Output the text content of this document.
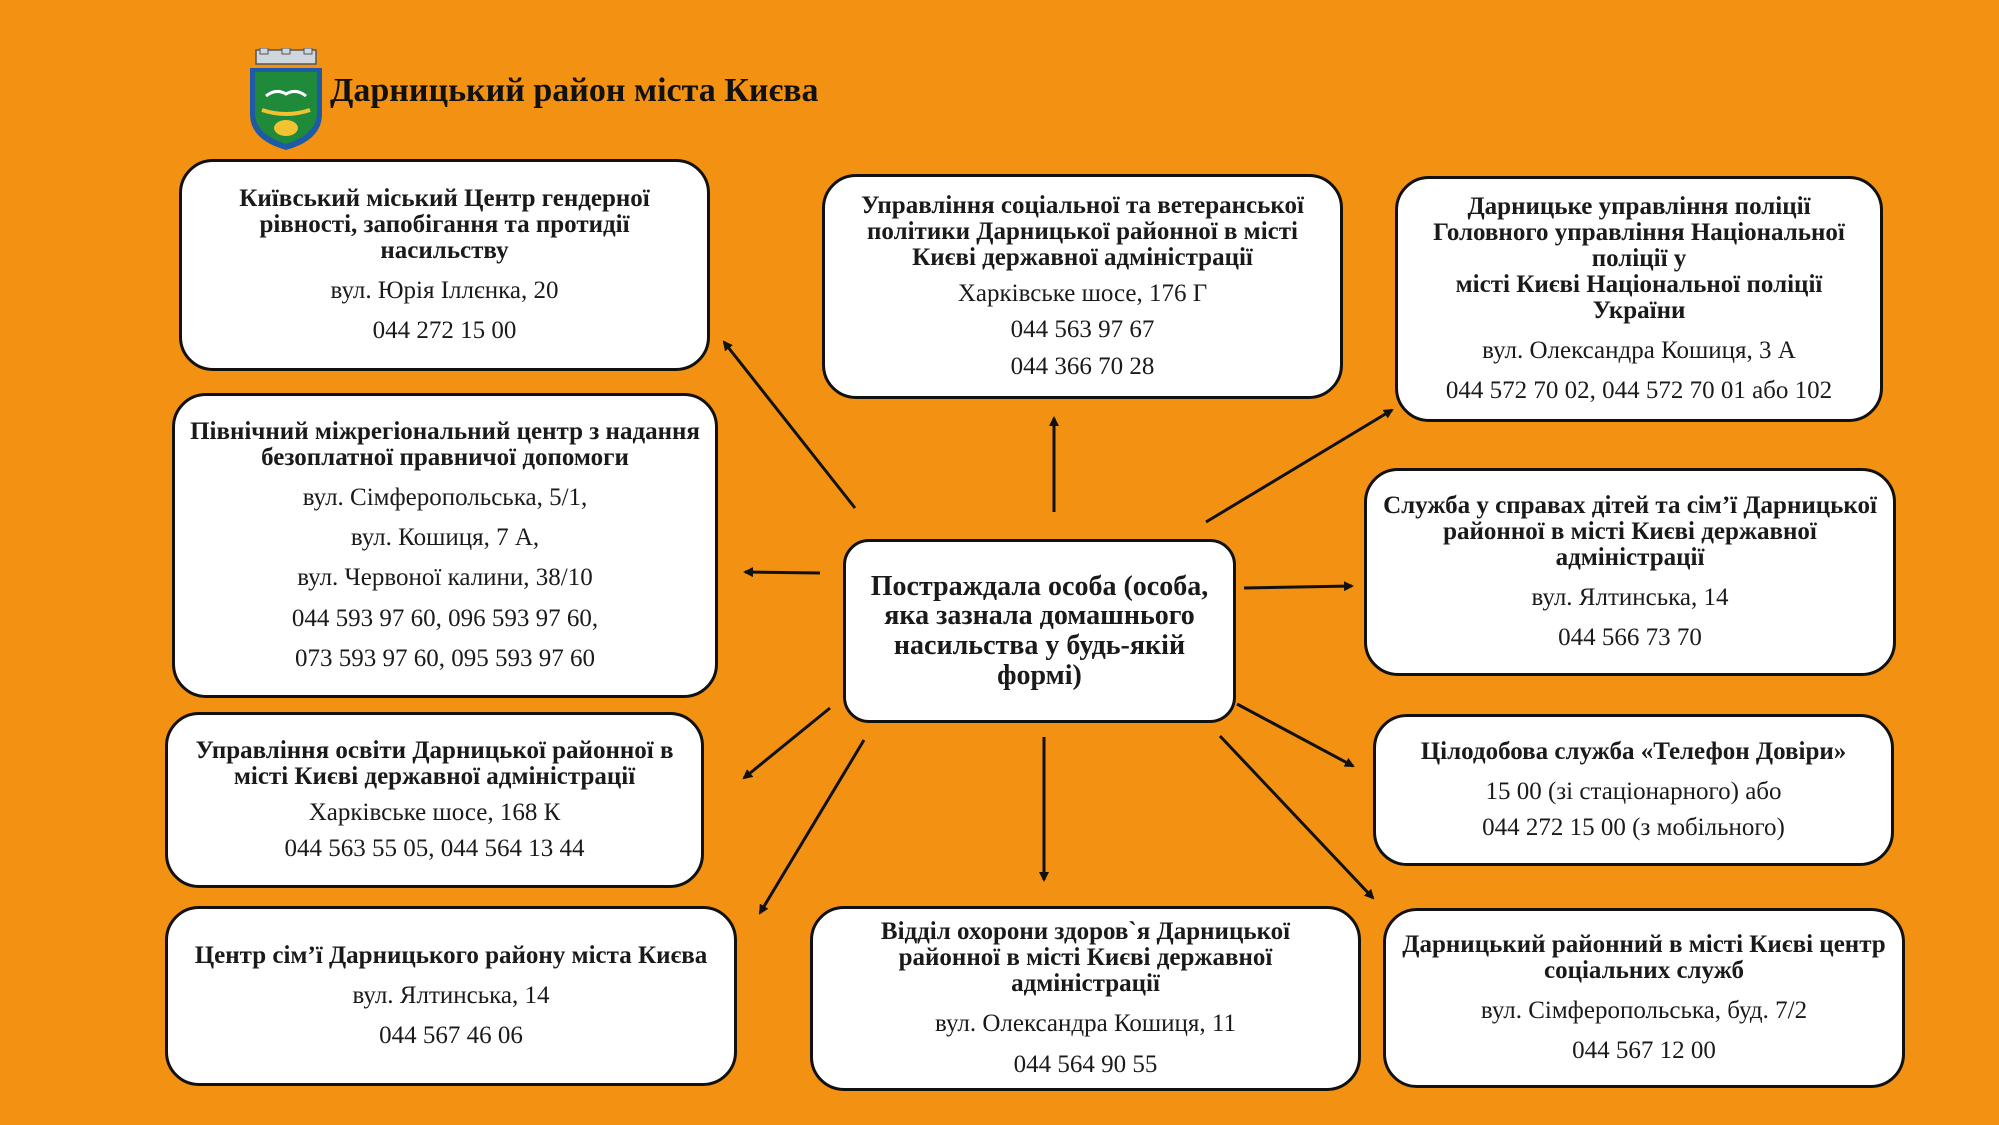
Дарницький район міста Києва
Постраждала особа (особа, яка зазнала домашнього насильства у будь-якій формі)
Київський міський Центр гендерної рівності, запобігання та протидії насильству
вул. Юрія Іллєнка, 20
044 272 15 00
Північний міжрегіональний центр з надання безоплатної правничої допомоги
вул. Сімферопольська, 5/1,
вул. Кошиця, 7 А,
вул. Червоної калини, 38/10
044 593 97 60, 096 593 97 60,
073 593 97 60, 095 593 97 60
Управління освіти Дарницької районної в місті Києві державної адміністрації
Харківське шосе, 168 К
044 563 55 05, 044 564 13 44
Центр сім’ї Дарницького району міста Києва
вул. Ялтинська, 14
044 567 46 06
Управління соціальної та ветеранської політики Дарницької районної в місті Києві державної адміністрації
Харківське шосе, 176 Г
044 563 97 67
044 366 70 28
Відділ охорони здоров`я Дарницької районної в місті Києві державної адміністрації
вул. Олександра Кошиця, 11
044 564 90 55
Дарницьке управління поліції Головного управління Національної поліції у
місті Києві Національної поліції України
вул. Олександра Кошиця, 3 А
044 572 70 02, 044 572 70 01 або 102
Служба у справах дітей та сім’ї Дарницької районної в місті Києві державної адміністрації
вул. Ялтинська, 14
044 566 73 70
Цілодобова служба «Телефон Довіри»
15 00 (зі стаціонарного) або
044 272 15 00 (з мобільного)
Дарницький районний в місті Києві центр соціальних служб
вул. Сімферопольська, буд. 7/2
044 567 12 00
